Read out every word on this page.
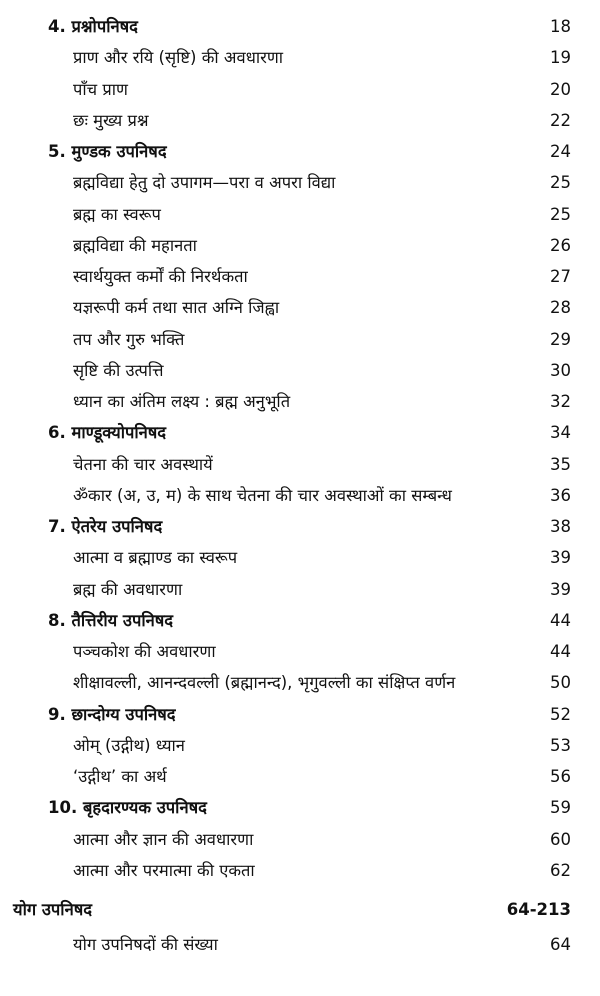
4. प्रश्नोपनिषद	18
प्राण और रयि (सृष्टि) की अवधारणा	19
पाँच प्राण	20
छः मुख्य प्रश्न	22
5. मुण्डक उपनिषद	24
ब्रह्मविद्या हेतु दो उपागम—परा व अपरा विद्या	25
ब्रह्म का स्वरूप	25
ब्रह्मविद्या की महानता	26
स्वार्थयुक्त कर्मों की निरर्थकता	27
यज्ञरूपी कर्म तथा सात अग्नि जिह्वा	28
तप और गुरु भक्ति	29
सृष्टि की उत्पत्ति	30
ध्यान का अंतिम लक्ष्य : ब्रह्म अनुभूति	32
6. माण्डूक्योपनिषद	34
चेतना की चार अवस्थायें	35
ॐकार (अ, उ, म) के साथ चेतना की चार अवस्थाओं का सम्बन्ध	36
7. ऐतरेय उपनिषद	38
आत्मा व ब्रह्माण्ड का स्वरूप	39
ब्रह्म की अवधारणा	39
8. तैत्तिरीय उपनिषद	44
पञ्चकोश की अवधारणा	44
शीक्षावल्ली, आनन्दवल्ली (ब्रह्मानन्द), भृगुवल्ली का संक्षिप्त वर्णन	50
9. छान्दोग्य उपनिषद	52
ओम् (उद्गीथ) ध्यान	53
‘उद्गीथ’ का अर्थ	56
10. बृहदारण्यक उपनिषद	59
आत्मा और ज्ञान की अवधारणा	60
आत्मा और परमात्मा की एकता	62
योग उपनिषद	64-213
योग उपनिषदों की संख्या	64
